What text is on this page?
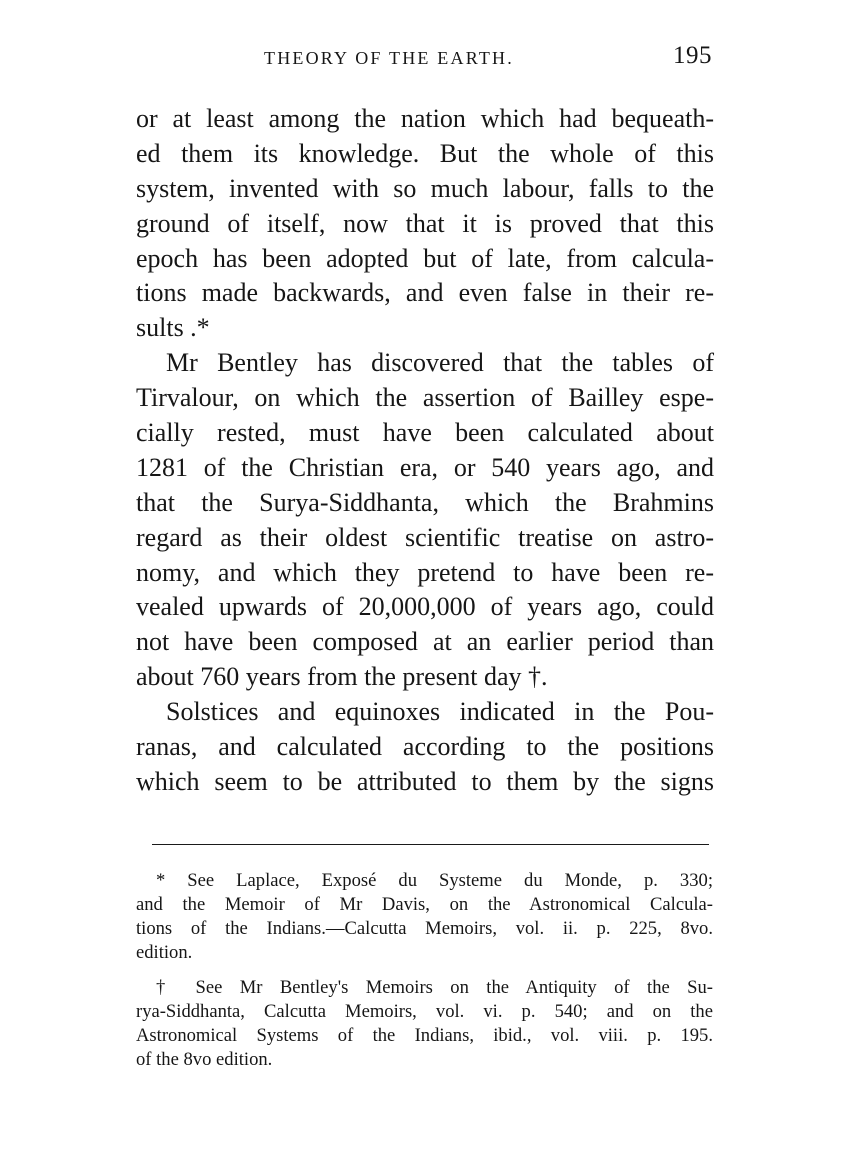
THEORY OF THE EARTH.	195
or at least among the nation which had bequeath-
ed them its knowledge. But the whole of this
system, invented with so much labour, falls to the
ground of itself, now that it is proved that this
epoch has been adopted but of late, from calcula-
tions made backwards, and even false in their re-
sults .*
Mr Bentley has discovered that the tables of
Tirvalour, on which the assertion of Bailley espe-
cially rested, must have been calculated about
1281 of the Christian era, or 540 years ago, and
that the Surya-Siddhanta, which the Brahmins
regard as their oldest scientific treatise on astro-
nomy, and which they pretend to have been re-
vealed upwards of 20,000,000 of years ago, could
not have been composed at an earlier period than
about 760 years from the present day †.
Solstices and equinoxes indicated in the Pou-
ranas, and calculated according to the positions
which seem to be attributed to them by the signs
* See Laplace, Exposé du Systeme du Monde, p. 330;
and the Memoir of Mr Davis, on the Astronomical Calcula-
tions of the Indians.—Calcutta Memoirs, vol. ii. p. 225, 8vo.
edition.
† See Mr Bentley's Memoirs on the Antiquity of the Su-
rya-Siddhanta, Calcutta Memoirs, vol. vi. p. 540; and on the
Astronomical Systems of the Indians, ibid., vol. viii. p. 195.
of the 8vo edition.
